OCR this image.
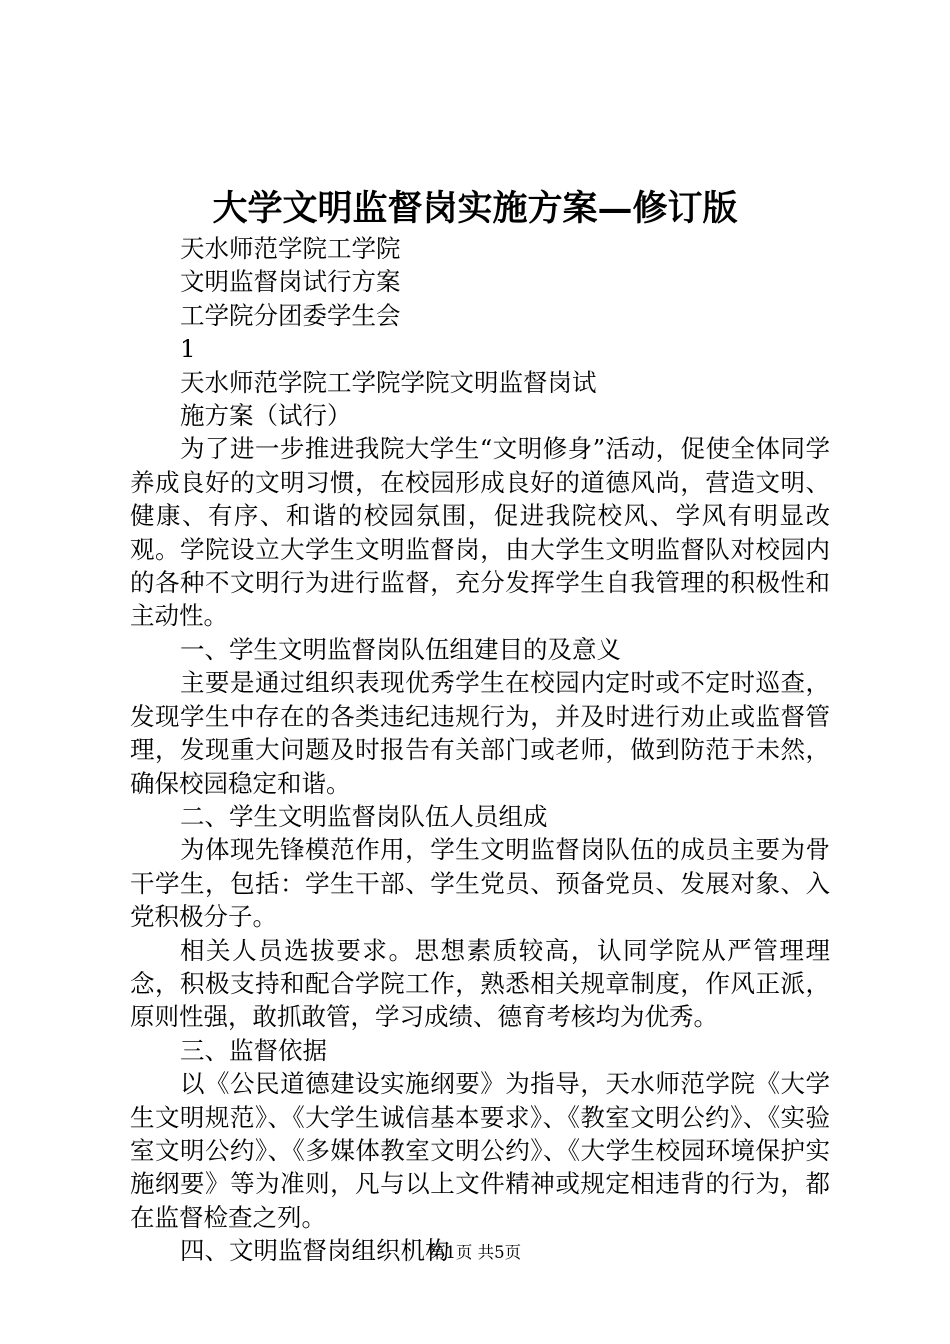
大学文明监督岗实施方案—修订版

天水师范学院工学院

文明监督岗试行方案

工学院分团委学生会

1

天水师范学院工学院学院文明监督岗试

施方案（试行）

为了进一步推进我院大学生“文明修身”活动，促使全体同学养成良好的文明习惯，在校园形成良好的道德风尚，营造文明、健康、有序、和谐的校园氛围，促进我院校风、学风有明显改观。学院设立大学生文明监督岗，由大学生文明监督队对校园内的各种不文明行为进行监督，充分发挥学生自我管理的积极性和主动性。

一、学生文明监督岗队伍组建目的及意义

主要是通过组织表现优秀学生在校园内定时或不定时巡查，发现学生中存在的各类违纪违规行为，并及时进行劝止或监督管理，发现重大问题及时报告有关部门或老师，做到防范于未然，确保校园稳定和谐。

二、学生文明监督岗队伍人员组成

为体现先锋模范作用，学生文明监督岗队伍的成员主要为骨干学生，包括：学生干部、学生党员、预备党员、发展对象、入党积极分子。

相关人员选拔要求。思想素质较高，认同学院从严管理理念，积极支持和配合学院工作，熟悉相关规章制度，作风正派，原则性强，敢抓敢管，学习成绩、德育考核均为优秀。

三、监督依据

以《公民道德建设实施纲要》为指导，天水师范学院《大学生文明规范》、《大学生诚信基本要求》、《教室文明公约》、《实验室文明公约》、《多媒体教室文明公约》、《大学生校园环境保护实施纲要》等为准则，凡与以上文件精神或规定相违背的行为，都在监督检查之列。

四、文明监督岗组织机构

第1页 共5页
